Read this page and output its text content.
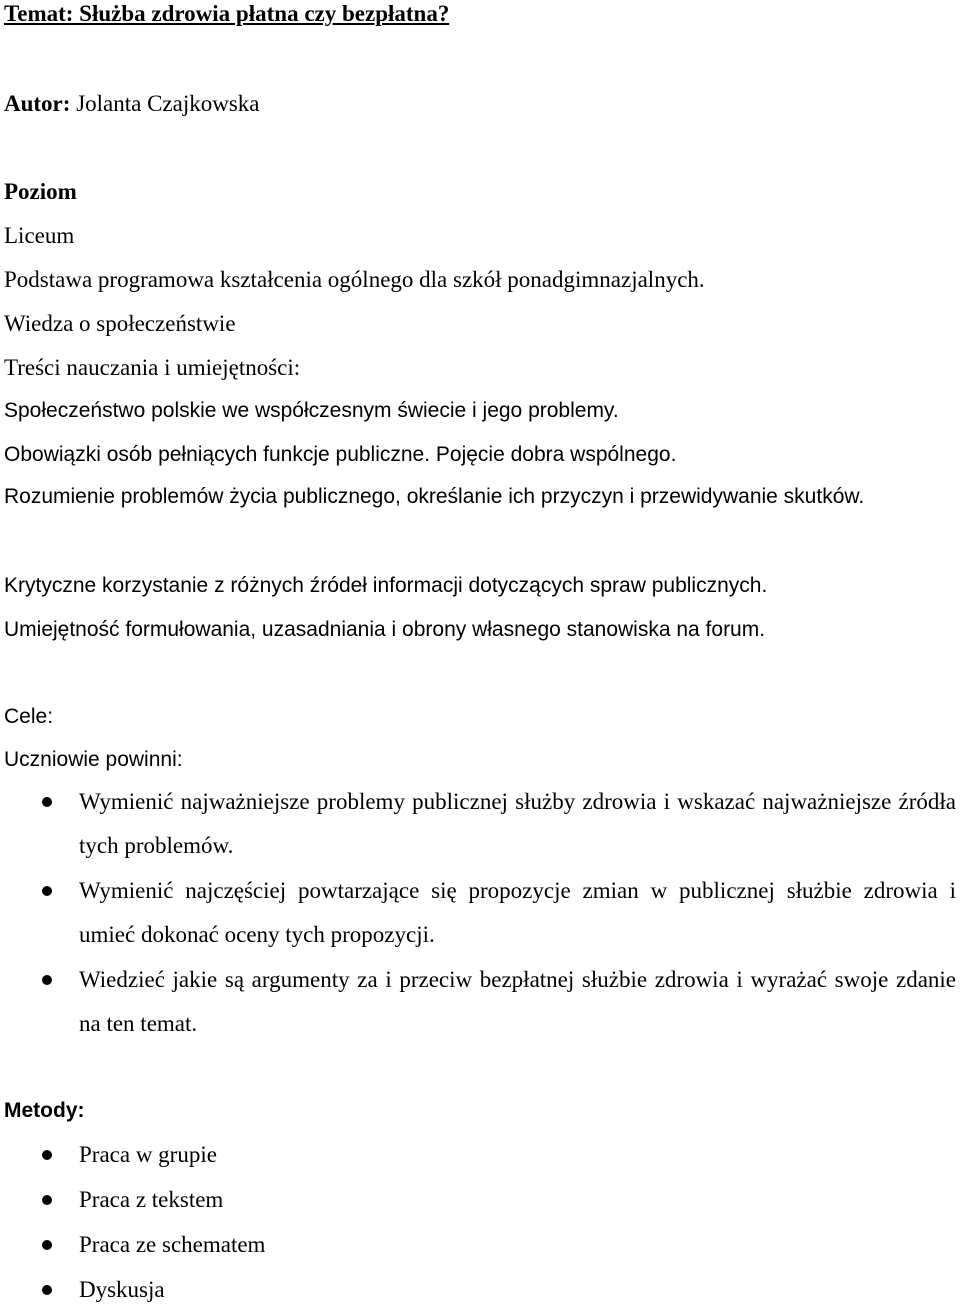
Temat: Służba zdrowia płatna czy bezpłatna?

Autor: Jolanta Czajkowska

Poziom

Liceum

Podstawa programowa kształcenia ogólnego dla szkół ponadgimnazjalnych.

Wiedza o społeczeństwie

Treści nauczania i umiejętności:

Społeczeństwo polskie we współczesnym świecie i jego problemy.

Obowiązki osób pełniących funkcje publiczne. Pojęcie dobra wspólnego.

Rozumienie problemów życia publicznego, określanie ich przyczyn i przewidywanie skutków.

Krytyczne korzystanie z różnych źródeł informacji dotyczących spraw publicznych.

Umiejętność formułowania, uzasadniania i obrony własnego stanowiska na forum.

Cele:

Uczniowie powinni:

Wymienić najważniejsze problemy publicznej służby zdrowia i wskazać najważniejsze źródła tych problemów.

Wymienić najczęściej powtarzające się propozycje zmian w publicznej służbie zdrowia i umieć dokonać oceny tych propozycji.

Wiedzieć jakie są argumenty za i przeciw bezpłatnej służbie zdrowia i wyrażać swoje zdanie na ten temat.

Metody:

Praca w grupie

Praca z tekstem

Praca ze schematem

Dyskusja
